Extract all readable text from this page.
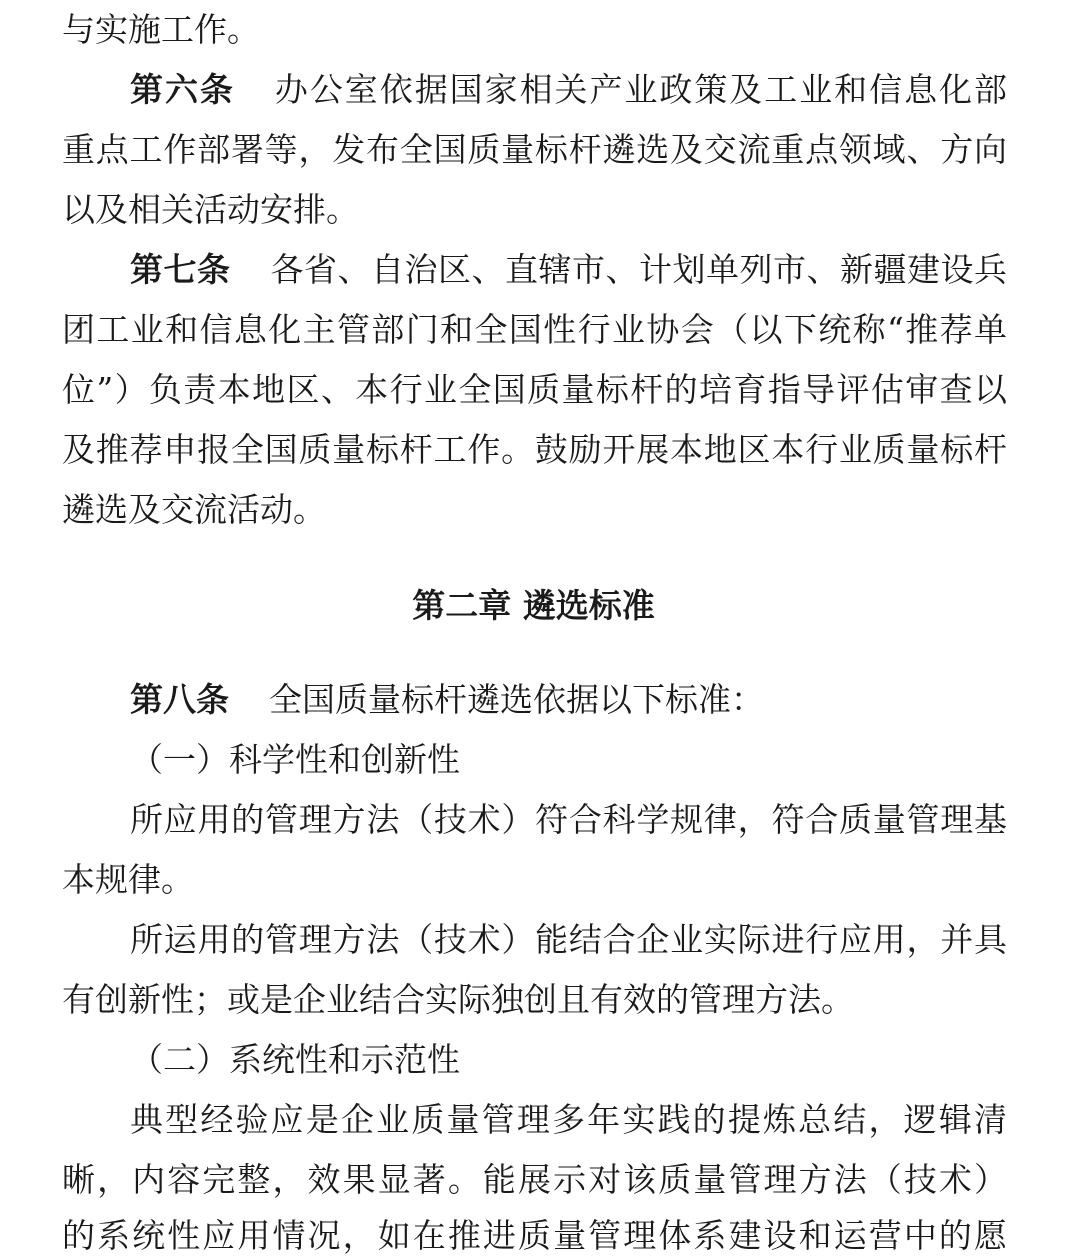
与实施工作。
第六条 办公室依据国家相关产业政策及工业和信息化部
重点工作部署等，发布全国质量标杆遴选及交流重点领域、方向
以及相关活动安排。
第七条 各省、自治区、直辖市、计划单列市、新疆建设兵
团工业和信息化主管部门和全国性行业协会（以下统称“推荐单
位”）负责本地区、本行业全国质量标杆的培育指导评估审查以
及推荐申报全国质量标杆工作。鼓励开展本地区本行业质量标杆
遴选及交流活动。
第二章 遴选标准
第八条 全国质量标杆遴选依据以下标准：
（一）科学性和创新性
所应用的管理方法（技术）符合科学规律，符合质量管理基
本规律。
所运用的管理方法（技术）能结合企业实际进行应用，并具
有创新性；或是企业结合实际独创且有效的管理方法。
（二）系统性和示范性
典型经验应是企业质量管理多年实践的提炼总结，逻辑清
晰，内容完整，效果显著。能展示对该质量管理方法（技术）
的系统性应用情况，如在推进质量管理体系建设和运营中的愿
